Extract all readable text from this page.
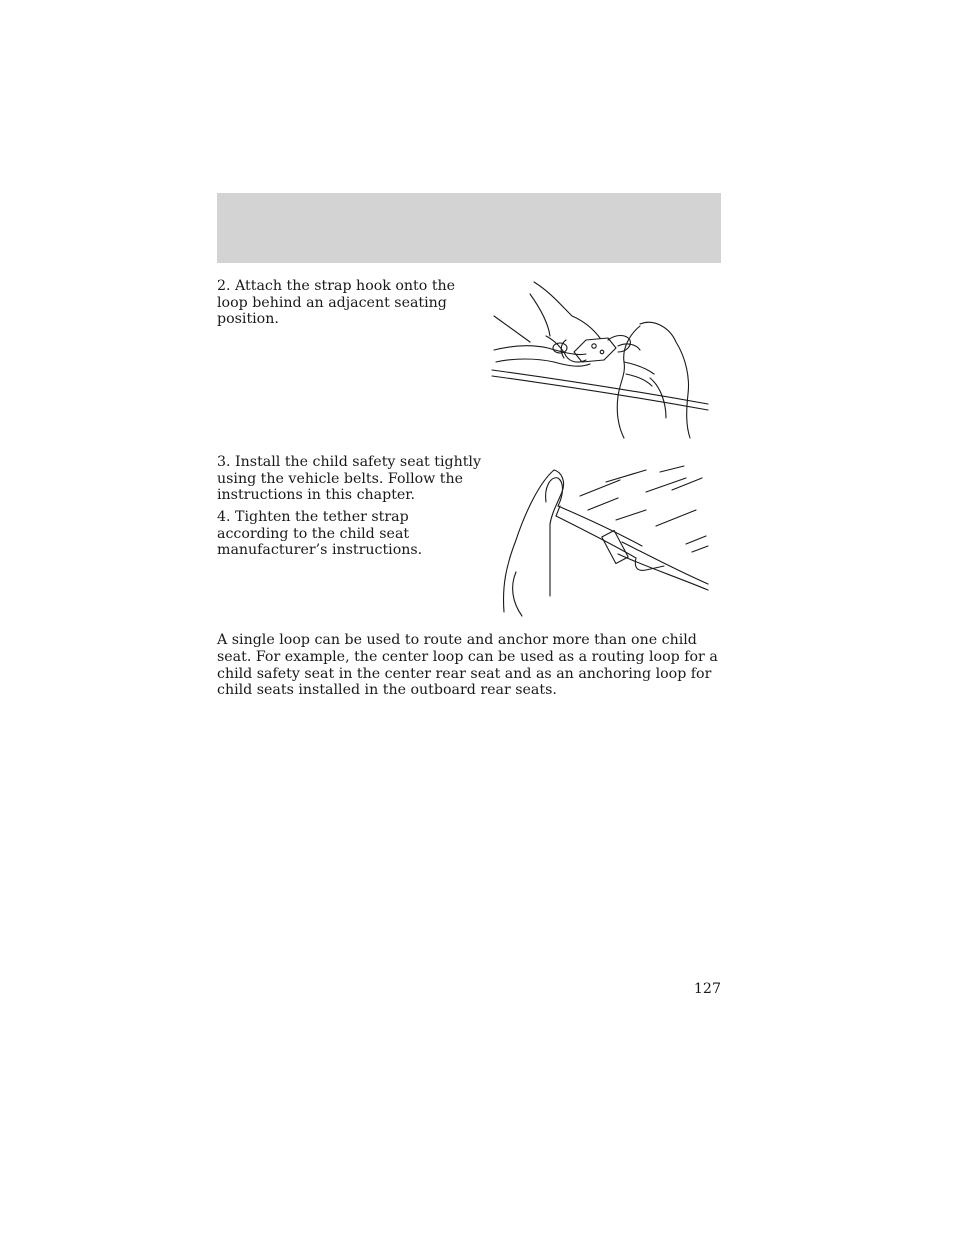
2. Attach the strap hook onto the loop behind an adjacent seating position.

3. Install the child safety seat tightly using the vehicle belts. Follow the instructions in this chapter.

4. Tighten the tether strap according to the child seat manufacturer’s instructions.

A single loop can be used to route and anchor more than one child seat. For example, the center loop can be used as a routing loop for a child safety seat in the center rear seat and as an anchoring loop for child seats installed in the outboard rear seats.

127
